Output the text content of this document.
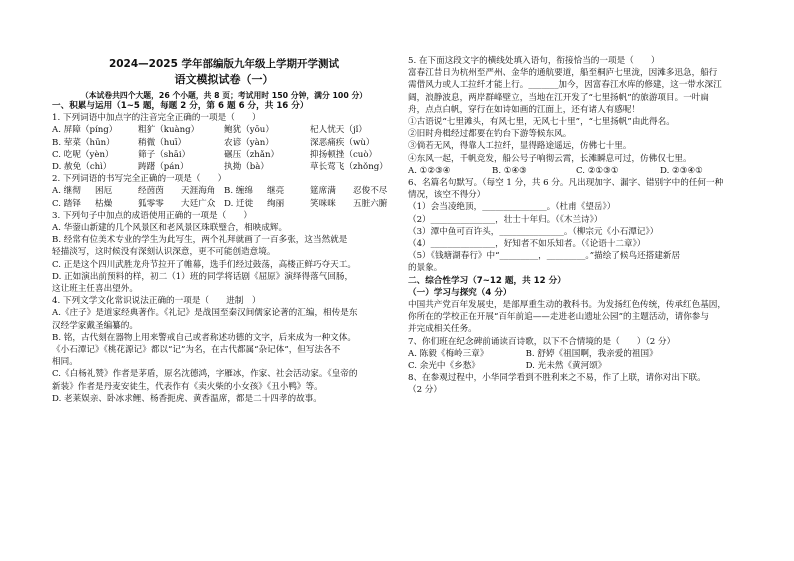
2024—2025 学年部编版九年级上学期开学测试
语文模拟试卷（一）
（本试卷共四个大题，26 个小题，共 8 页；考试用时 150 分钟，满分 100 分）

一、积累与运用（1~5 题，每题 2 分，第 6 题 6 分，共 16 分）

1. 下列词语中加点字的注音完全正确的一项是（　　）

A. 屏障（píng）	粗犷（kuàng）	鲍犹（yōu）	杞人忧天（jǐ）
B. 荤菜（hūn）	稍微（huī）	农谚（yàn）	深恶痛疾（wù）
C. 吃呢（yèn）	筛子（shāi）	碾压（zhǎn）	抑扬顿挫（cuò）
D. 赦免（chì）	踌躇（pán）	执拗（bà）	草长莺飞（zhǒng）

2. 下列词语的书写完全正确的一项是（　　）

A. 继彻	困厄	经茵茵	天涯海角	B. 缠绵	继亮	筵席满	忍俊不尽
C. 踏铎	枯燥	狐零零	大廷广众	D. 迁徙	绚丽	笑咪咪	五脏六腑

3. 下列句子中加点的成语使用正确的一项是（　　）

A. 华蓥山新建的几个风景区和老风景区珠联璧合，相映成辉。

B. 经常有位美术专业的学生为此写生，两个礼拜就画了一百多张，这当然就是

轻描淡写，这时候没有深刻认识深意，更不可能创造意境。

C. 正是这个四川武胜龙舟节拉开了帷幕，选手们经过鼓荡，高楼正鲜巧夺天工。

D. 正如演出前预料的样，初二（1）班的同学将话剧《屈原》演绎得落气回肠，

这让班主任喜出望外。

4. 下列文学文化常识说法正确的一项是（　　进制　）

A.《庄子》是道家经典著作。《礼记》是战国至秦汉间儒家论著的汇编，相传是东

汉经学家戴圣编纂的。

B. 铭，古代刻在器物上用来警戒自己或者称述功德的文字，后来成为一种文体。

《小石潭记》《桃花源记》都以“记”为名，在古代都属“杂记体”，但写法各不

相同。

C.《白杨礼赞》作者是茅盾，原名沈德鸿，字雁冰，作家、社会活动家。《皇帝的

新装》作者是丹麦安徒生，代表作有《卖火柴的小女孩》《丑小鸭》等。

D. 老莱娱亲、卧冰求鲤、杨香扼虎、黄香温席，都是二十四孝的故事。

5. 在下面这段文字的横线处填入语句，衔接恰当的一项是（　　）

富春江昔日为杭州至严州、金华的通航要道，船至桐庐七里泷，因滩多迅急，船行

需借风力或人工拉纤才能上行。_______加今，因富春江水库的修建，这一带水深江

阔，浪静波息，两岸群峰壁立，当地在江开发了“七里扬帆”的旅游项目。一叶扁

舟，点点白帆，穿行在如诗如画的江面上，还有诸人有感呢！

①古语说“七里滩头，有风七里，无风七十里”，“七里扬帆”由此得名。

②旧时舟楫经过都要在钓台下游等候东风。

③倘若无风，得靠人工拉纤，显得路途遥远，仿佛七十里。

④东风一起，千帆竞发，船公号子响彻云霄，长滩瞬息可过，仿佛仅七里。

A. ①②③④	B. ①④③	C. ②①③①	D. ②③④①

6、名篇名句默写。（每空 1 分，共 6 分。凡出现加字、漏字、错别字中的任何一种

情况，该空不得分）

（1）会当凌绝顶，_______________。（杜甫《望岳》）

（2）_______________，壮士十年归。（《木兰诗》）

（3）潭中鱼可百许头，_______________。（柳宗元《小石潭记》）

（4）_______________，好知者不如乐知者。（《论语十二章》）

（5）《钱塘湖春行》中“_________，_________。”描绘了候鸟还搭建新居

的景象。

二、综合性学习（7~12 题，共 12 分）

（一）学习与探究（4 分）

中国共产党百年发展史，是部厚重生动的教科书。为发扬红色传统，传承红色基因，

你所在的学校正在开展“百年前追——走进老山遗址公园”的主题活动，请你参与

并完成相关任务。

7、你们班在纪念碑前诵读百诗歌，以下不合情境的是（　　）（2 分）

A. 陈毅《梅岭三章》	B. 舒婷《祖国啊，我亲爱的祖国》
C. 余光中《乡愁》	D. 光未然《黄河颂》

8、在参观过程中，小华同学看到不胜利来之不易，作了上联，请你对出下联。

（2 分）
